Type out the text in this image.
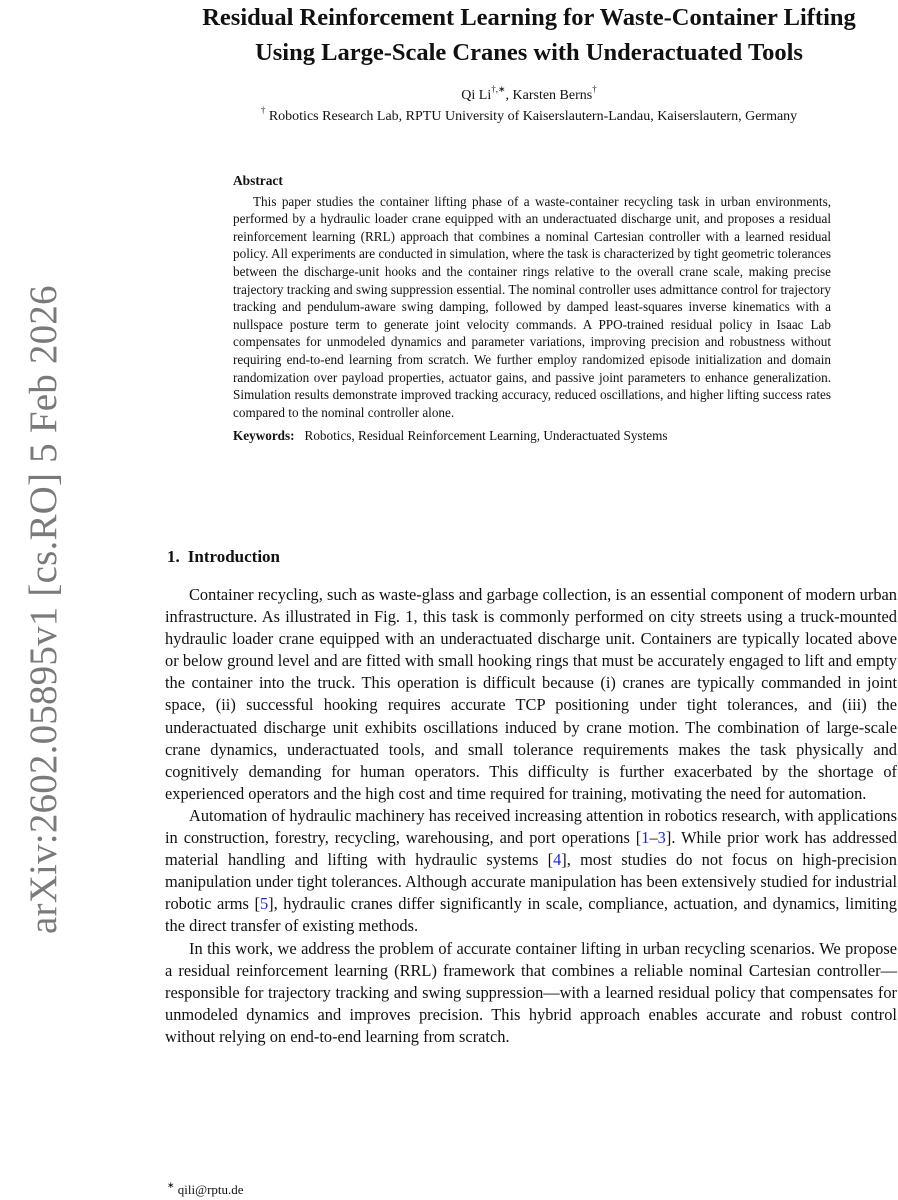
arXiv:2602.05895v1 [cs.RO] 5 Feb 2026
Residual Reinforcement Learning for Waste-Container Lifting
Using Large-Scale Cranes with Underactuated Tools
Qi Li†,∗, Karsten Berns†
† Robotics Research Lab, RPTU University of Kaiserslautern-Landau, Kaiserslautern, Germany
Abstract

This paper studies the container lifting phase of a waste-container recycling task in urban environments, performed by a hydraulic loader crane equipped with an underactuated discharge unit, and proposes a residual reinforcement learning (RRL) approach that combines a nominal Cartesian controller with a learned residual policy. All experiments are conducted in simulation, where the task is characterized by tight geometric tolerances between the discharge-unit hooks and the container rings relative to the overall crane scale, making precise trajectory tracking and swing suppression essential. The nominal controller uses admittance control for trajectory tracking and pendulum-aware swing damping, followed by damped least-squares inverse kinematics with a nullspace posture term to generate joint velocity commands. A PPO-trained residual policy in Isaac Lab compensates for unmodeled dynamics and parameter variations, improving precision and robustness without requiring end-to-end learning from scratch. We further employ randomized episode initialization and domain randomization over payload properties, actuator gains, and passive joint parameters to enhance generalization. Simulation results demonstrate improved tracking accuracy, reduced oscillations, and higher lifting success rates compared to the nominal controller alone.

Keywords: Robotics, Residual Reinforcement Learning, Underactuated Systems
1. Introduction

Container recycling, such as waste-glass and garbage collection, is an essential component of modern urban infrastructure. As illustrated in Fig. 1, this task is commonly performed on city streets using a truck-mounted hydraulic loader crane equipped with an underactuated discharge unit. Containers are typically located above or below ground level and are fitted with small hooking rings that must be accurately engaged to lift and empty the container into the truck. This operation is difficult because (i) cranes are typically commanded in joint space, (ii) successful hooking requires accurate TCP positioning under tight tolerances, and (iii) the underactuated discharge unit exhibits oscillations induced by crane motion. The combination of large-scale crane dynamics, underactuated tools, and small tolerance requirements makes the task physically and cognitively demanding for human operators. This difficulty is further exacerbated by the shortage of experienced operators and the high cost and time required for training, motivating the need for automation.

Automation of hydraulic machinery has received increasing attention in robotics research, with applications in construction, forestry, recycling, warehousing, and port operations [1–3]. While prior work has addressed material handling and lifting with hydraulic systems [4], most studies do not focus on high-precision manipulation under tight tolerances. Although accurate manipulation has been extensively studied for industrial robotic arms [5], hydraulic cranes differ significantly in scale, compliance, actuation, and dynamics, limiting the direct transfer of existing methods.

In this work, we address the problem of accurate container lifting in urban recycling scenarios. We propose a residual reinforcement learning (RRL) framework that combines a reliable nominal Cartesian controller—responsible for trajectory tracking and swing suppression—with a learned residual policy that compensates for unmodeled dynamics and improves precision. This hybrid approach enables accurate and robust control without relying on end-to-end learning from scratch.

∗ qili@rptu.de
